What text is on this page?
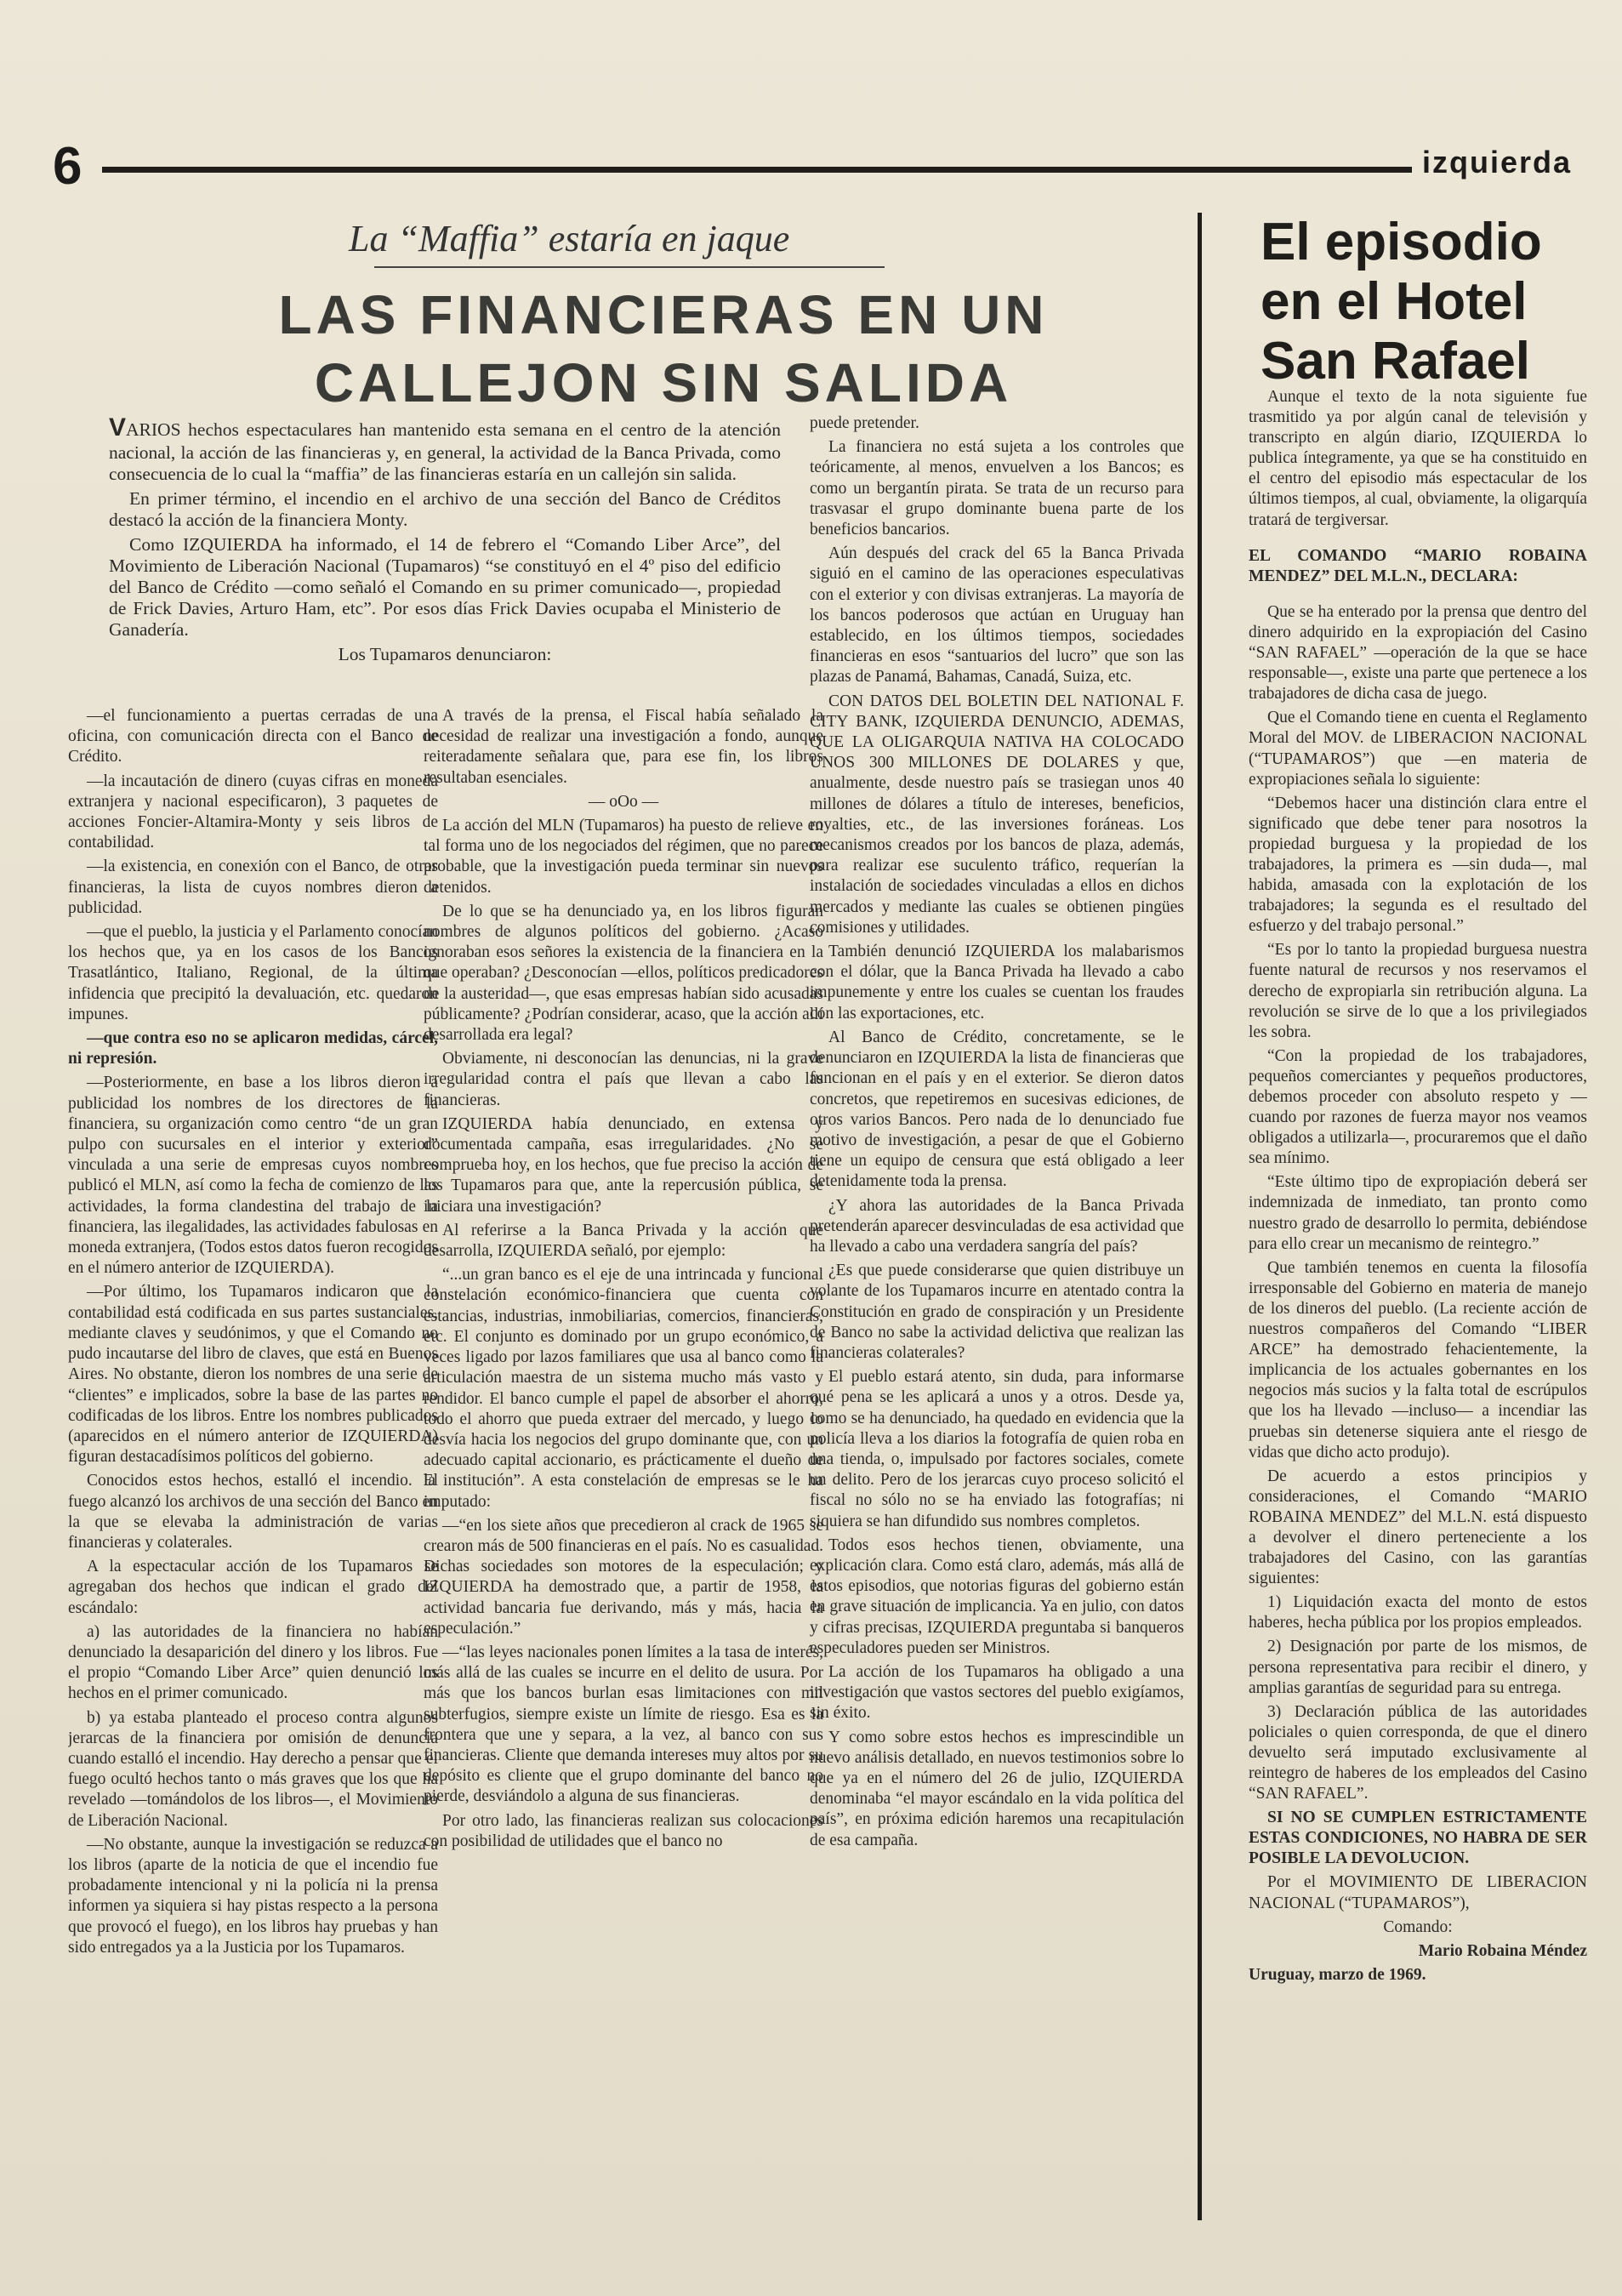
6	izquierda
La “Maffia” estaría en jaque
LAS FINANCIERAS EN UN CALLEJON SIN SALIDA

VARIOS hechos espectaculares han mantenido esta semana en el centro de la atención nacional, la acción de las financieras y, en general, la actividad de la Banca Privada, como consecuencia de lo cual la “maffia” de las financieras estaría en un callejón sin salida.

En primer término, el incendio en el archivo de una sección del Banco de Créditos destacó la acción de la financiera Monty.

Como IZQUIERDA ha informado, el 14 de febrero el “Comando Liber Arce”, del Movimiento de Liberación Nacional (Tupamaros) “se constituyó en el 4º piso del edificio del Banco de Crédito —como señaló el Comando en su primer comunicado—, propiedad de Frick Davies, Arturo Ham, etc”. Por esos días Frick Davies ocupaba el Ministerio de Ganadería.

Los Tupamaros denunciaron:

—el funcionamiento a puertas cerradas de una oficina, con comunicación directa con el Banco de Crédito.

—la incautación de dinero (cuyas cifras en moneda extranjera y nacional especificaron), 3 paquetes de acciones Foncier-Altamira-Monty y seis libros de contabilidad.

—la existencia, en conexión con el Banco, de otras financieras, la lista de cuyos nombres dieron a publicidad.

—que el pueblo, la justicia y el Parlamento conocían los hechos que, ya en los casos de los Bancos Trasatlántico, Italiano, Regional, de la última infidencia que precipitó la devaluación, etc. quedaron impunes.

—que contra eso no se aplicaron medidas, cárcel, ni represión.

—Posteriormente, en base a los libros dieron a publicidad los nombres de los directores de la financiera, su organización como centro “de un gran pulpo con sucursales en el interior y exterior” vinculada a una serie de empresas cuyos nombres publicó el MLN, así como la fecha de comienzo de las actividades, la forma clandestina del trabajo de la financiera, las ilegalidades, las actividades fabulosas en moneda extranjera, (Todos estos datos fueron recogidos en el número anterior de IZQUIERDA).

—Por último, los Tupamaros indicaron que la contabilidad está codificada en sus partes sustanciales, mediante claves y seudónimos, y que el Comando no pudo incautarse del libro de claves, que está en Buenos Aires. No obstante, dieron los nombres de una serie de “clientes” e implicados, sobre la base de las partes no codificadas de los libros. Entre los nombres publicados (aparecidos en el número anterior de IZQUIERDA) figuran destacadísimos políticos del gobierno.

Conocidos estos hechos, estalló el incendio. El fuego alcanzó los archivos de una sección del Banco en la que se elevaba la administración de varias financieras y colaterales.

A la espectacular acción de los Tupamaros se agregaban dos hechos que indican el grado del escándalo:

a) las autoridades de la financiera no habían denunciado la desaparición del dinero y los libros. Fue el propio “Comando Liber Arce” quien denunció los hechos en el primer comunicado.

b) ya estaba planteado el proceso contra algunos jerarcas de la financiera por omisión de denuncia cuando estalló el incendio. Hay derecho a pensar que el fuego ocultó hechos tanto o más graves que los que ha revelado —tomándolos de los libros—, el Movimiento de Liberación Nacional.

—No obstante, aunque la investigación se reduzca a los libros (aparte de la noticia de que el incendio fue probadamente intencional y ni la policía ni la prensa informen ya siquiera si hay pistas respecto a la persona que provocó el fuego), en los libros hay pruebas y han sido entregados ya a la Justicia por los Tupamaros.

A través de la prensa, el Fiscal había señalado la necesidad de realizar una investigación a fondo, aunque reiteradamente señalara que, para ese fin, los libros resultaban esenciales.

— oOo —

La acción del MLN (Tupamaros) ha puesto de relieve en tal forma uno de los negociados del régimen, que no parece probable, que la investigación pueda terminar sin nuevos detenidos.

De lo que se ha denunciado ya, en los libros figuran nombres de algunos políticos del gobierno. ¿Acaso ignoraban esos señores la existencia de la financiera en la que operaban? ¿Desconocían —ellos, políticos predicadores de la austeridad—, que esas empresas habían sido acusadas públicamente? ¿Podrían considerar, acaso, que la acción allí desarrollada era legal?

Obviamente, ni desconocían las denuncias, ni la grave irregularidad contra el país que llevan a cabo las financieras.

IZQUIERDA había denunciado, en extensa y documentada campaña, esas irregularidades. ¿No se comprueba hoy, en los hechos, que fue preciso la acción de los Tupamaros para que, ante la repercusión pública, se iniciara una investigación?

Al referirse a la Banca Privada y la acción que desarrolla, IZQUIERDA señaló, por ejemplo:

“...un gran banco es el eje de una intrincada y funcional constelación económico-financiera que cuenta con estancias, industrias, inmobiliarias, comercios, financieras, etc. El conjunto es dominado por un grupo económico, a veces ligado por lazos familiares que usa al banco como la articulación maestra de un sistema mucho más vasto y rendidor. El banco cumple el papel de absorber el ahorro, todo el ahorro que pueda extraer del mercado, y luego lo desvía hacia los negocios del grupo dominante que, con un adecuado capital accionario, es prácticamente el dueño de la institución”. A esta constelación de empresas se le ha imputado:

—“en los siete años que precedieron al crack de 1965 se crearon más de 500 financieras en el país. No es casualidad. Dichas sociedades son motores de la especulación; y IZQUIERDA ha demostrado que, a partir de 1958, la actividad bancaria fue derivando, más y más, hacia la especulación.”

—“las leyes nacionales ponen límites a la tasa de interés, más allá de las cuales se incurre en el delito de usura. Por más que los bancos burlan esas limitaciones con mil subterfugios, siempre existe un límite de riesgo. Esa es la frontera que une y separa, a la vez, al banco con sus financieras. Cliente que demanda intereses muy altos por su depósito es cliente que el grupo dominante del banco no pierde, desviándolo a alguna de sus financieras.

Por otro lado, las financieras realizan sus colocaciones con posibilidad de utilidades que el banco no

puede pretender.

La financiera no está sujeta a los controles que teóricamente, al menos, envuelven a los Bancos; es como un bergantín pirata. Se trata de un recurso para trasvasar el grupo dominante buena parte de los beneficios bancarios.

Aún después del crack del 65 la Banca Privada siguió en el camino de las operaciones especulativas con el exterior y con divisas extranjeras. La mayoría de los bancos poderosos que actúan en Uruguay han establecido, en los últimos tiempos, sociedades financieras en esos “santuarios del lucro” que son las plazas de Panamá, Bahamas, Canadá, Suiza, etc.

CON DATOS DEL BOLETIN DEL NATIONAL F. CITY BANK, IZQUIERDA DENUNCIO, ADEMAS, QUE LA OLIGARQUIA NATIVA HA COLOCADO UNOS 300 MILLONES DE DOLARES y que, anualmente, desde nuestro país se trasiegan unos 40 millones de dólares a título de intereses, beneficios, royalties, etc., de las inversiones foráneas. Los mecanismos creados por los bancos de plaza, además, para realizar ese suculento tráfico, requerían la instalación de sociedades vinculadas a ellos en dichos mercados y mediante las cuales se obtienen pingües comisiones y utilidades.

También denunció IZQUIERDA los malabarismos con el dólar, que la Banca Privada ha llevado a cabo impunemente y entre los cuales se cuentan los fraudes con las exportaciones, etc.

Al Banco de Crédito, concretamente, se le denunciaron en IZQUIERDA la lista de financieras que funcionan en el país y en el exterior. Se dieron datos concretos, que repetiremos en sucesivas ediciones, de otros varios Bancos. Pero nada de lo denunciado fue motivo de investigación, a pesar de que el Gobierno tiene un equipo de censura que está obligado a leer detenidamente toda la prensa.

¿Y ahora las autoridades de la Banca Privada pretenderán aparecer desvinculadas de esa actividad que ha llevado a cabo una verdadera sangría del país?

¿Es que puede considerarse que quien distribuye un volante de los Tupamaros incurre en atentado contra la Constitución en grado de conspiración y un Presidente de Banco no sabe la actividad delictiva que realizan las financieras colaterales?

El pueblo estará atento, sin duda, para informarse qué pena se les aplicará a unos y a otros. Desde ya, como se ha denunciado, ha quedado en evidencia que la policía lleva a los diarios la fotografía de quien roba en una tienda, o, impulsado por factores sociales, comete un delito. Pero de los jerarcas cuyo proceso solicitó el fiscal no sólo no se ha enviado las fotografías; ni siquiera se han difundido sus nombres completos.

Todos esos hechos tienen, obviamente, una explicación clara. Como está claro, además, más allá de estos episodios, que notorias figuras del gobierno están en grave situación de implicancia. Ya en julio, con datos y cifras precisas, IZQUIERDA preguntaba si banqueros especuladores pueden ser Ministros.

La acción de los Tupamaros ha obligado a una investigación que vastos sectores del pueblo exigíamos, sin éxito.

Y como sobre estos hechos es imprescindible un nuevo análisis detallado, en nuevos testimonios sobre lo que ya en el número del 26 de julio, IZQUIERDA denominaba “el mayor escándalo en la vida política del país”, en próxima edición haremos una recapitulación de esa campaña.

El episodio en el Hotel San Rafael

Aunque el texto de la nota siguiente fue trasmitido ya por algún canal de televisión y transcripto en algún diario, IZQUIERDA lo publica íntegramente, ya que se ha constituido en el centro del episodio más espectacular de los últimos tiempos, al cual, obviamente, la oligarquía tratará de tergiversar.

EL COMANDO “MARIO ROBAINA MENDEZ” DEL M.L.N., DECLARA:

Que se ha enterado por la prensa que dentro del dinero adquirido en la expropiación del Casino “SAN RAFAEL” —operación de la que se hace responsable—, existe una parte que pertenece a los trabajadores de dicha casa de juego.

Que el Comando tiene en cuenta el Reglamento Moral del MOV. de LIBERACION NACIONAL (“TUPAMAROS”) que —en materia de expropiaciones señala lo siguiente:

“Debemos hacer una distinción clara entre el significado que debe tener para nosotros la propiedad burguesa y la propiedad de los trabajadores, la primera es —sin duda—, mal habida, amasada con la explotación de los trabajadores; la segunda es el resultado del esfuerzo y del trabajo personal.”

“Es por lo tanto la propiedad burguesa nuestra fuente natural de recursos y nos reservamos el derecho de expropiarla sin retribución alguna. La revolución se sirve de lo que a los privilegiados les sobra.

“Con la propiedad de los trabajadores, pequeños comerciantes y pequeños productores, debemos proceder con absoluto respeto y —cuando por razones de fuerza mayor nos veamos obligados a utilizarla—, procuraremos que el daño sea mínimo.

“Este último tipo de expropiación deberá ser indemnizada de inmediato, tan pronto como nuestro grado de desarrollo lo permita, debiéndose para ello crear un mecanismo de reintegro.”

Que también tenemos en cuenta la filosofía irresponsable del Gobierno en materia de manejo de los dineros del pueblo. (La reciente acción de nuestros compañeros del Comando “LIBER ARCE” ha demostrado fehacientemente, la implicancia de los actuales gobernantes en los negocios más sucios y la falta total de escrúpulos que los ha llevado —incluso— a incendiar las pruebas sin detenerse siquiera ante el riesgo de vidas que dicho acto produjo).

De acuerdo a estos principios y consideraciones, el Comando “MARIO ROBAINA MENDEZ” del M.L.N. está dispuesto a devolver el dinero perteneciente a los trabajadores del Casino, con las garantías siguientes:

1) Liquidación exacta del monto de estos haberes, hecha pública por los propios empleados.

2) Designación por parte de los mismos, de persona representativa para recibir el dinero, y amplias garantías de seguridad para su entrega.

3) Declaración pública de las autoridades policiales o quien corresponda, de que el dinero devuelto será imputado exclusivamente al reintegro de haberes de los empleados del Casino “SAN RAFAEL”.

SI NO SE CUMPLEN ESTRICTAMENTE ESTAS CONDICIONES, NO HABRA DE SER POSIBLE LA DEVOLUCION.

Por el MOVIMIENTO DE LIBERACION NACIONAL (“TUPAMAROS”),

Comando:

Mario Robaina Méndez

Uruguay, marzo de 1969.
